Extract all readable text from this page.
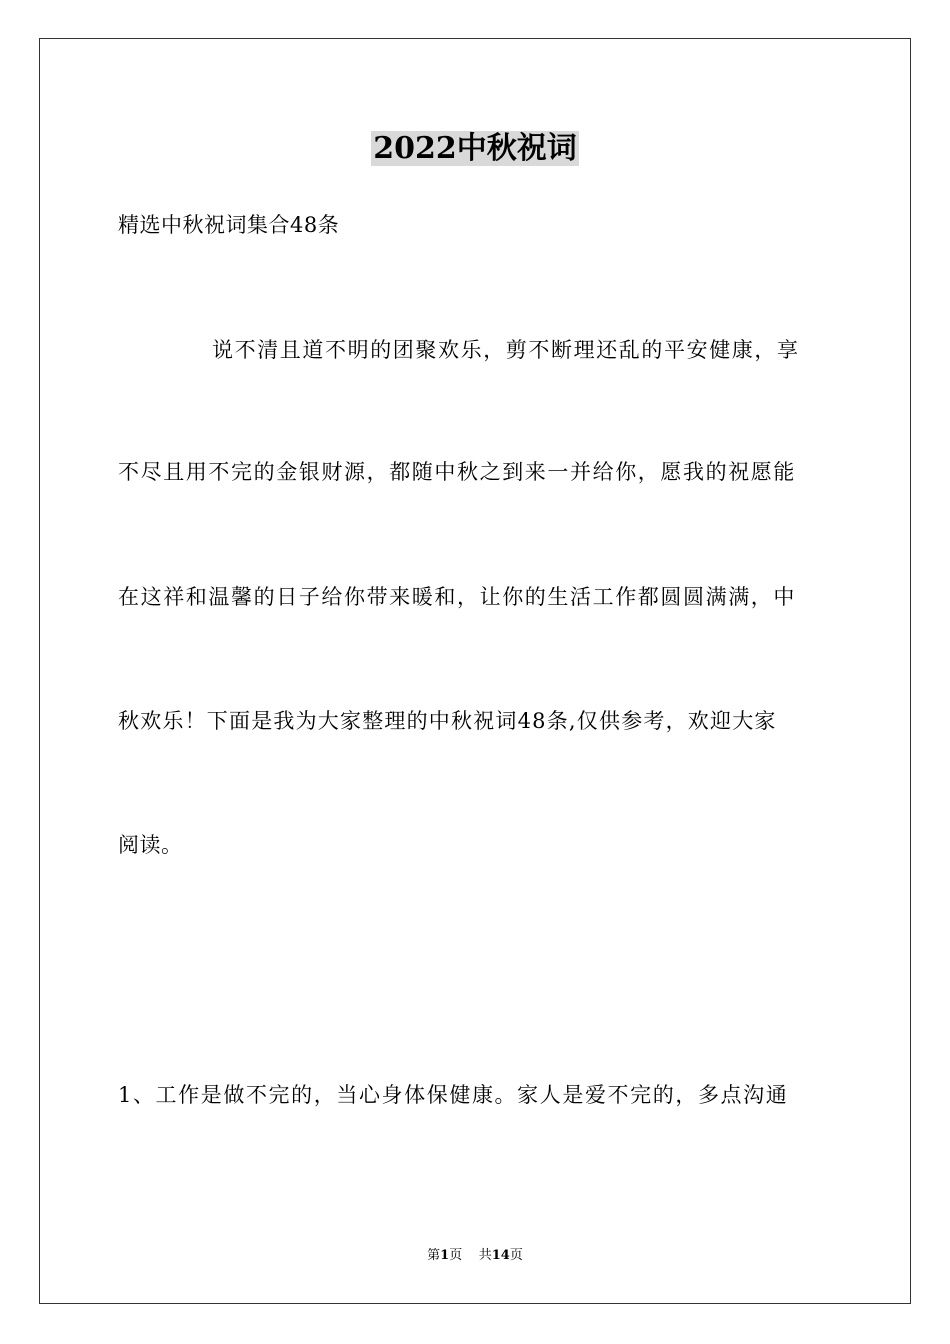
2022中秋祝词
精选中秋祝词集合48条
说不清且道不明的团聚欢乐，剪不断理还乱的平安健康，享
不尽且用不完的金银财源，都随中秋之到来一并给你，愿我的祝愿能
在这祥和温馨的日子给你带来暖和，让你的生活工作都圆圆满满，中
秋欢乐！下面是我为大家整理的中秋祝词48条,仅供参考，欢迎大家
阅读。
1、工作是做不完的，当心身体保健康。家人是爱不完的，多点沟通
第1页 共14页
